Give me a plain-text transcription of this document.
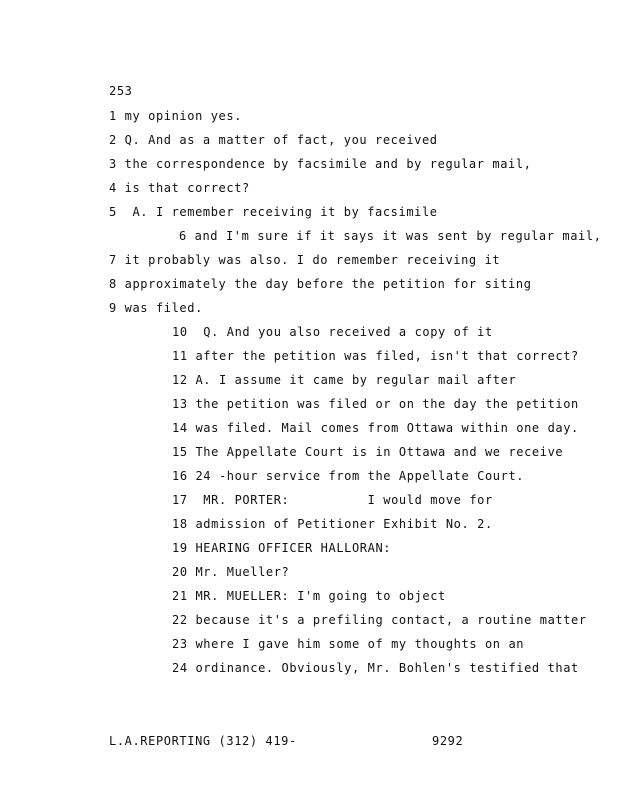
253
1 my opinion yes.
2 Q. And as a matter of fact, you received
3 the correspondence by facsimile and by regular mail,
4 is that correct?
5  A. I remember receiving it by facsimile
6 and I'm sure if it says it was sent by regular mail,
7 it probably was also. I do remember receiving it
8 approximately the day before the petition for siting
9 was filed.
10  Q. And you also received a copy of it
11 after the petition was filed, isn't that correct?
12 A. I assume it came by regular mail after
13 the petition was filed or on the day the petition
14 was filed. Mail comes from Ottawa within one day.
15 The Appellate Court is in Ottawa and we receive
16 24 -hour service from the Appellate Court.
17  MR. PORTER:          I would move for
18 admission of Petitioner Exhibit No. 2.
19 HEARING OFFICER HALLORAN:
20 Mr. Mueller?
21 MR. MUELLER: I'm going to object
22 because it's a prefiling contact, a routine matter
23 where I gave him some of my thoughts on an
24 ordinance. Obviously, Mr. Bohlen's testified that
L.A.REPORTING (312) 419-	9292
